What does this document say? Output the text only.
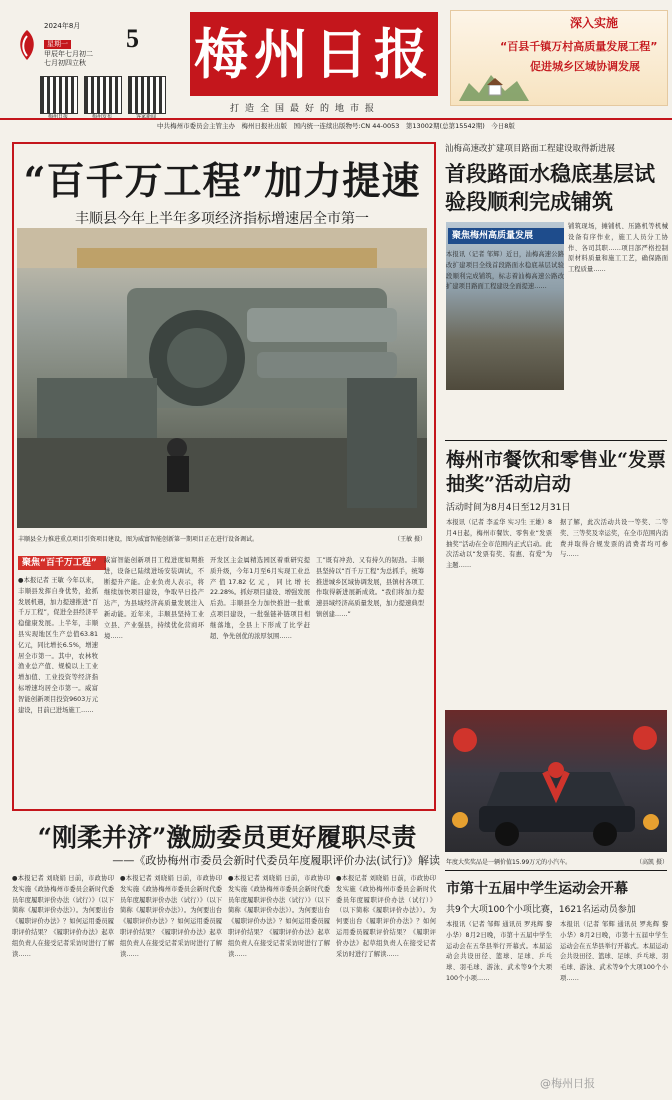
2024年8月
星期一
甲辰年七月初二
七月初四立秋
5
梅州日报	梅州发布	客家新闻
梅州日报
打造全国最好的地市报
深入实施
“百县千镇万村高质量发展工程”
促进城乡区域协调发展
中共梅州市委员会主管主办　梅州日报社出版　国内统一连续出版物号:CN 44-0053　第13002期(总第15542期)　今日8版
“百千万工程”加力提速
丰顺县今年上半年多项经济指标增速居全市第一
丰顺县全力推进重点项目引资项目建设，图为威富智能创新第一期项目正在进行设备调试。	（王敏 摄）
聚焦“百千万工程”
●本报记者 王敏 今年以来，丰顺县发挥自身优势，抢抓发展机遇，加力提速推进“百千万工程”，促进全县经济平稳健康发展。上半年，丰顺县实现地区生产总值63.81亿元，同比增长6.5%，增速居全市第一。其中，农林牧渔业总产值、规模以上工业增加值、工业投资等经济指标增速均居全市第一。威富智能创新项目投资9603万元建设，目前已进场施工……
威富智能创新项目工程进度如期推进，设备已陆续进场安装调试，不断提升产能。企业负责人表示，将继续加快项目建设，争取早日投产达产，为县域经济高质量发展注入新动能。近年来，丰顺县坚持工业立县、产业强县，持续优化营商环境……
开发区主金属精选园区着重研究提质升级，今年1月至6月实现工业总产值17.82亿元，同比增长22.28%。抓好项目建设、增强发展后劲。丰顺县全力加快推进一批重点项目建设，一批强链补链项目相继落地，全县上下形成了比学赶超、争先创优的浓厚氛围……
工”既有冲劲、又有持久的韧劲。丰顺县坚持以“百千万工程”为总抓手，统筹推进城乡区域协调发展，县镇村各项工作取得新进展新成效。“我们将加力提速县域经济高质量发展，加力提速典型镇创建……”
汕梅高速改扩建项目路面工程建设取得新进展
首段路面水稳底基层试验段顺利完成铺筑
聚焦梅州高质量发展
本报讯（记者 邹辉）近日，汕梅高速公路改扩建项目全线首段路面水稳底基层试验段顺利完成铺筑，标志着汕梅高速公路改扩建项目路面工程建设全面提速……
铺筑现场，摊铺机、压路机等机械设备有序作业，施工人员分工协作、各司其职……项目部严格控制原材料质量和施工工艺，确保路面工程质量……
梅州市餐饮和零售业“发票抽奖”活动启动
活动时间为8月4日至12月31日
本报讯（记者 李孟华 实习生 王雄）8月4日起，梅州市餐饮、零售业“发票抽奖”活动在全市范围内正式启动。此次活动以“发票有奖、有惠、有爱”为主题……
据了解，此次活动共设一等奖、二等奖、三等奖及幸运奖，在全市范围内消费并取得合规发票的消费者均可参与……
年度大奖奖品是一辆价值15.99万元的小汽车。	（高凯 摄）
“刚柔并济”激励委员更好履职尽责
——《政协梅州市委员会新时代委员年度履职评价办法(试行)》解读
●本报记者 刘晓娟 日前，市政协印发实施《政协梅州市委员会新时代委员年度履职评价办法（试行）》（以下简称《履职评价办法》）。为何要出台《履职评价办法》？如何运用委员履职评价结果？《履职评价办法》起草组负责人在接受记者采访时进行了解读……
●本报记者 刘晓娟 日前，市政协印发实施《政协梅州市委员会新时代委员年度履职评价办法（试行）》（以下简称《履职评价办法》）。为何要出台《履职评价办法》？如何运用委员履职评价结果？《履职评价办法》起草组负责人在接受记者采访时进行了解读……
●本报记者 刘晓娟 日前，市政协印发实施《政协梅州市委员会新时代委员年度履职评价办法（试行）》（以下简称《履职评价办法》）。为何要出台《履职评价办法》？如何运用委员履职评价结果？《履职评价办法》起草组负责人在接受记者采访时进行了解读……
●本报记者 刘晓娟 日前，市政协印发实施《政协梅州市委员会新时代委员年度履职评价办法（试行）》（以下简称《履职评价办法》）。为何要出台《履职评价办法》？如何运用委员履职评价结果？《履职评价办法》起草组负责人在接受记者采访时进行了解读……
市第十五届中学生运动会开幕
共9个大项100个小项比赛，1621名运动员参加
本报讯（记者 邹辉 通讯员 罗兆辉 黎小华）8月2日晚，市第十五届中学生运动会在五华县举行开幕式。本届运动会共设田径、篮球、足球、乒乓球、羽毛球、游泳、武术等9个大项100个小项……
本报讯（记者 邹辉 通讯员 罗兆辉 黎小华）8月2日晚，市第十五届中学生运动会在五华县举行开幕式。本届运动会共设田径、篮球、足球、乒乓球、羽毛球、游泳、武术等9个大项100个小项……
@梅州日报
